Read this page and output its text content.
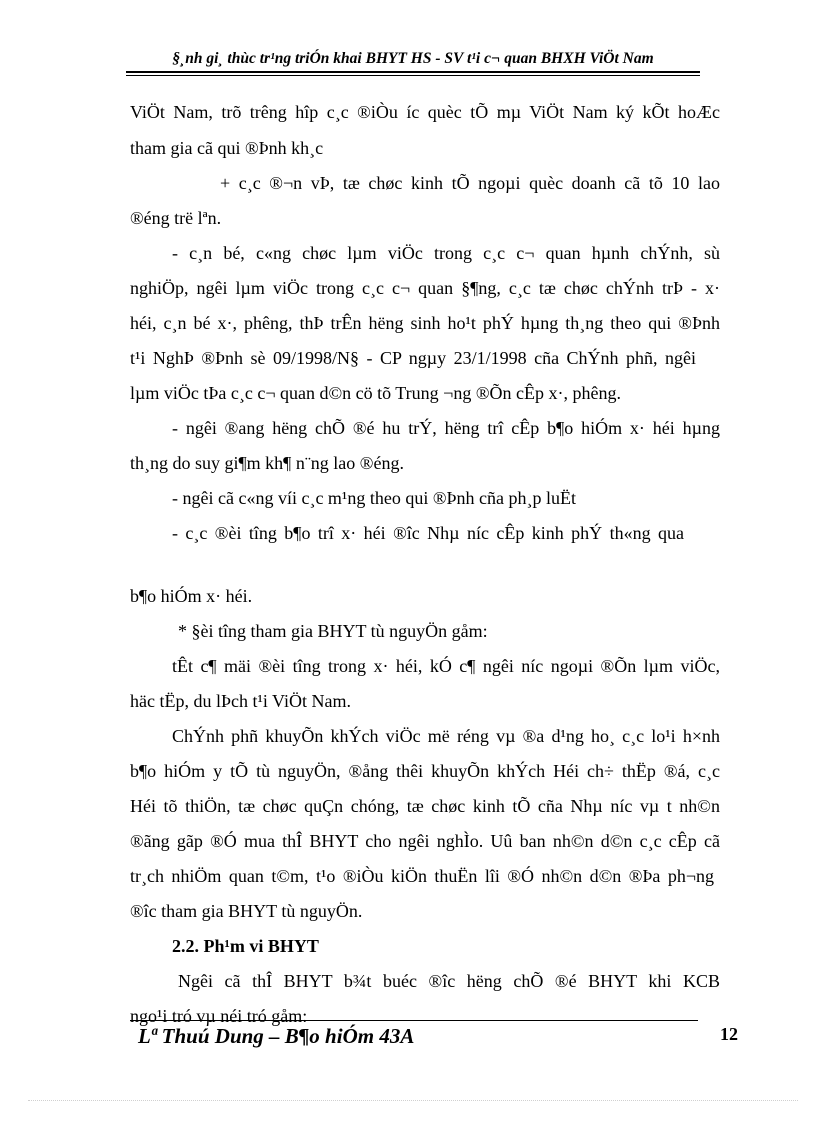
§¸nh gi¸ thùc tr¹ng triÓn khai BHYT HS - SV t¹i c¬ quan BHXH ViÖt Nam
ViÖt Nam, trõ trêng hîp c¸c ®iÒu íc quèc tÕ mµ ViÖt Nam ký kÕt hoÆc
tham gia cã qui ®Þnh kh¸c
+ c¸c ®¬n vÞ, tæ chøc kinh tÕ ngoµi quèc doanh cã tõ 10 lao
®éng trë lªn.
- c¸n bé, c«ng chøc lµm viÖc trong c¸c c¬ quan hµnh chÝnh, sù
nghiÖp, ngêi lµm viÖc trong c¸c c¬ quan §¶ng, c¸c tæ chøc chÝnh trÞ - x·
héi, c¸n bé x·, phêng, thÞ trÊn hëng sinh ho¹t phÝ hµng th¸ng theo qui ®Þnh
t¹i NghÞ ®Þnh sè 09/1998/N§ - CP ngµy 23/1/1998 cña ChÝnh phñ, ngêi
lµm viÖc tÞa c¸c c¬ quan d©n cö tõ Trung ¬ng ®Õn cÊp x·, phêng.
- ngêi ®ang hëng chÕ ®é hu trÝ, hëng trî cÊp b¶o hiÓm x· héi hµng
th¸ng do suy gi¶m kh¶ n¨ng lao ®éng.
- ngêi cã c«ng víi c¸c m¹ng theo qui ®Þnh cña ph¸p luËt
- c¸c ®èi tîng b¶o trî x· héi ®îc Nhµ níc cÊp kinh phÝ th«ng qua
b¶o hiÓm x· héi.
* §èi tîng tham gia BHYT tù nguyÖn gåm:
tÊt c¶ mäi ®èi tîng trong x· héi, kÓ c¶ ngêi níc ngoµi ®Õn lµm viÖc,
häc tËp, du lÞch t¹i ViÖt Nam.
ChÝnh phñ khuyÕn khÝch viÖc më réng vµ ®a d¹ng ho¸ c¸c lo¹i h×nh
b¶o hiÓm y tÕ tù nguyÖn, ®ång thêi khuyÕn khÝch Héi ch÷ thËp ®á, c¸c
Héi tõ thiÖn, tæ chøc quÇn chóng, tæ chøc kinh tÕ cña Nhµ níc vµ t nh©n
®ãng gãp ®Ó mua thÎ BHYT cho ngêi nghÌo. Uû ban nh©n d©n c¸c cÊp cã
tr¸ch nhiÖm quan t©m, t¹o ®iÒu kiÖn thuËn lîi ®Ó nh©n d©n ®Þa ph¬ng
®îc tham gia BHYT tù nguyÖn.
2.2. Ph¹m vi BHYT
Ngêi cã thÎ BHYT b¾t buéc ®îc hëng chÕ ®é BHYT khi KCB
ngo¹i tró vµ néi tró gåm:
Lª Thuú Dung – B¶o hiÓm 43A	12
